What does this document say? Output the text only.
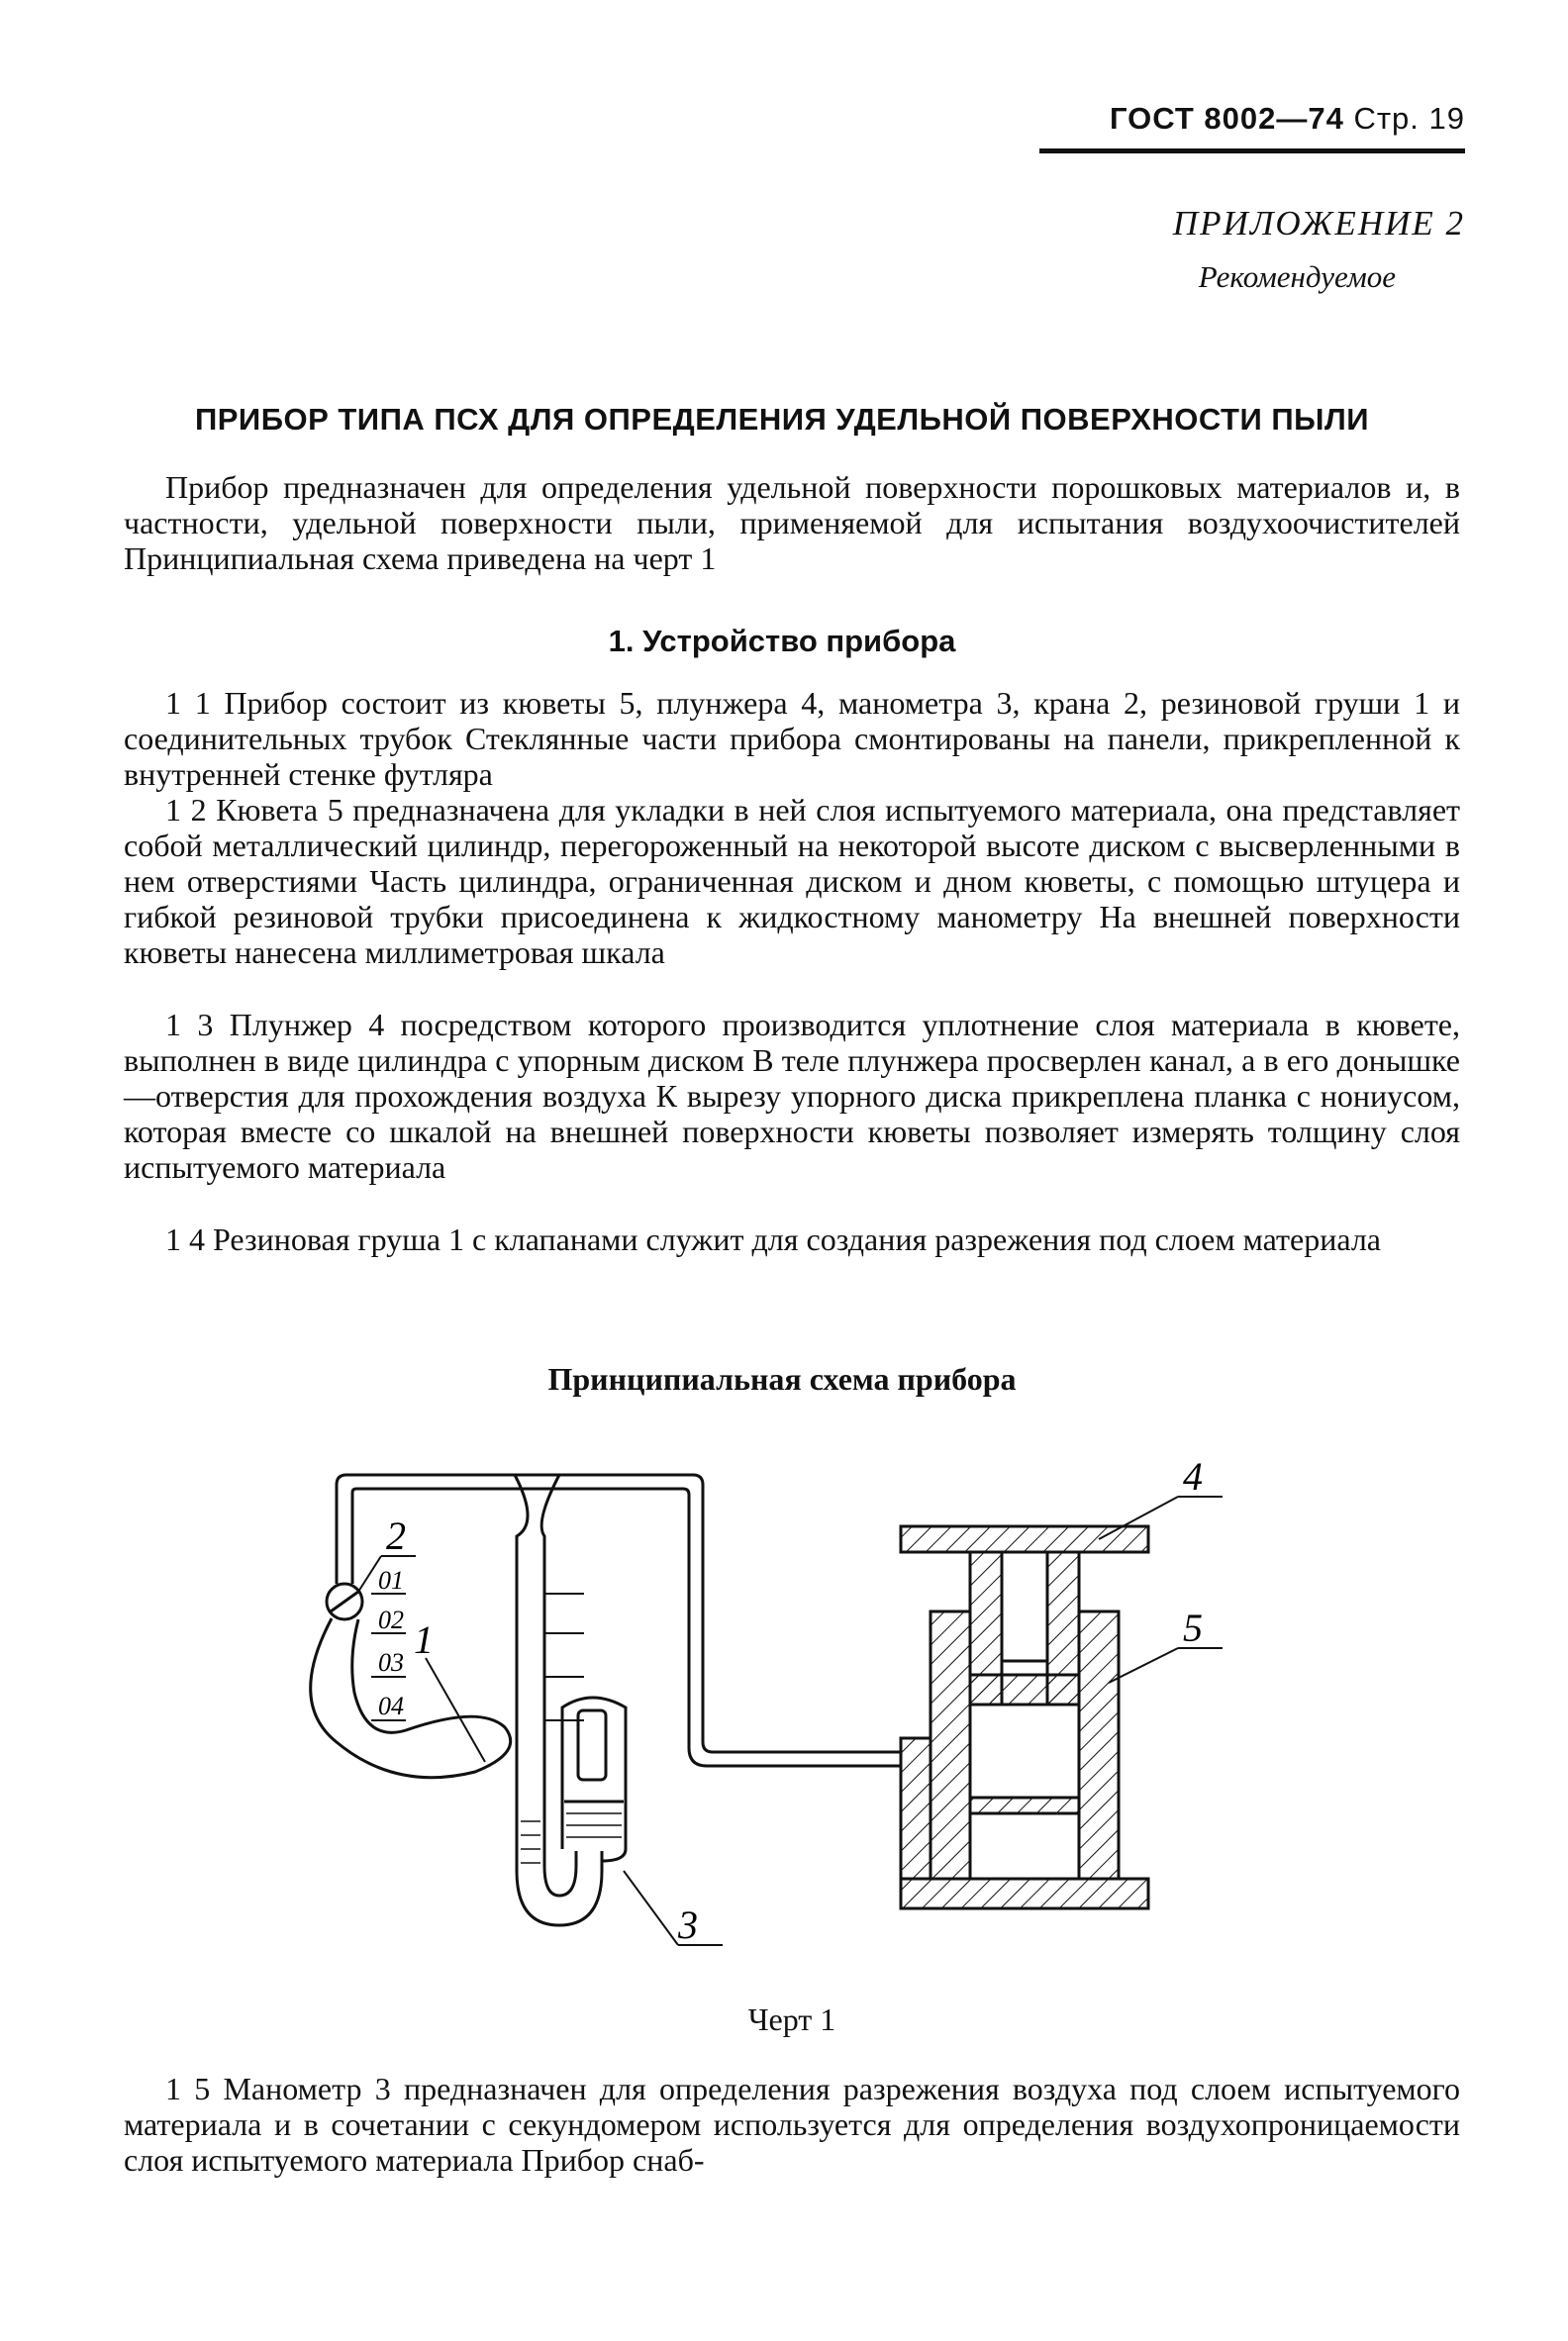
ГОСТ 8002—74 Стр. 19
ПРИЛОЖЕНИЕ 2
Рекомендуемое
ПРИБОР ТИПА ПСХ ДЛЯ ОПРЕДЕЛЕНИЯ УДЕЛЬНОЙ ПОВЕРХНОСТИ ПЫЛИ
Прибор предназначен для определения удельной поверхности порошковых материалов и, в частности, удельной поверхности пыли, применяемой для испытания воздухоочистителей Принципиальная схема приведена на черт 1
1. Устройство прибора
1 1 Прибор состоит из кюветы 5, плунжера 4, манометра 3, крана 2, резиновой груши 1 и соединительных трубок Стеклянные части прибора смонтированы на панели, прикрепленной к внутренней стенке футляра
1 2 Кювета 5 предназначена для укладки в ней слоя испытуемого материала, она представляет собой металлический цилиндр, перегороженный на некоторой высоте диском с высверленными в нем отверстиями Часть цилиндра, ограниченная диском и дном кюветы, с помощью штуцера и гибкой резиновой трубки присоединена к жидкостному манометру На внешней поверхности кюветы нанесена миллиметровая шкала
1 3 Плунжер 4 посредством которого производится уплотнение слоя материала в кювете, выполнен в виде цилиндра с упорным диском В теле плунжера просверлен канал, а в его донышке—отверстия для прохождения воздуха К вырезу упорного диска прикреплена планка с нониусом, которая вместе со шкалой на внешней поверхности кюветы позволяет измерять толщину слоя испытуемого материала
1 4 Резиновая груша 1 с клапанами служит для создания разрежения под слоем материала
Принципиальная схема прибора
01
02
03
04
2
1
3
4
5
Черт 1
1 5 Манометр 3 предназначен для определения разрежения воздуха под слоем испытуемого материала и в сочетании с секундомером используется для определения воздухопроницаемости слоя испытуемого материала Прибор снаб-
